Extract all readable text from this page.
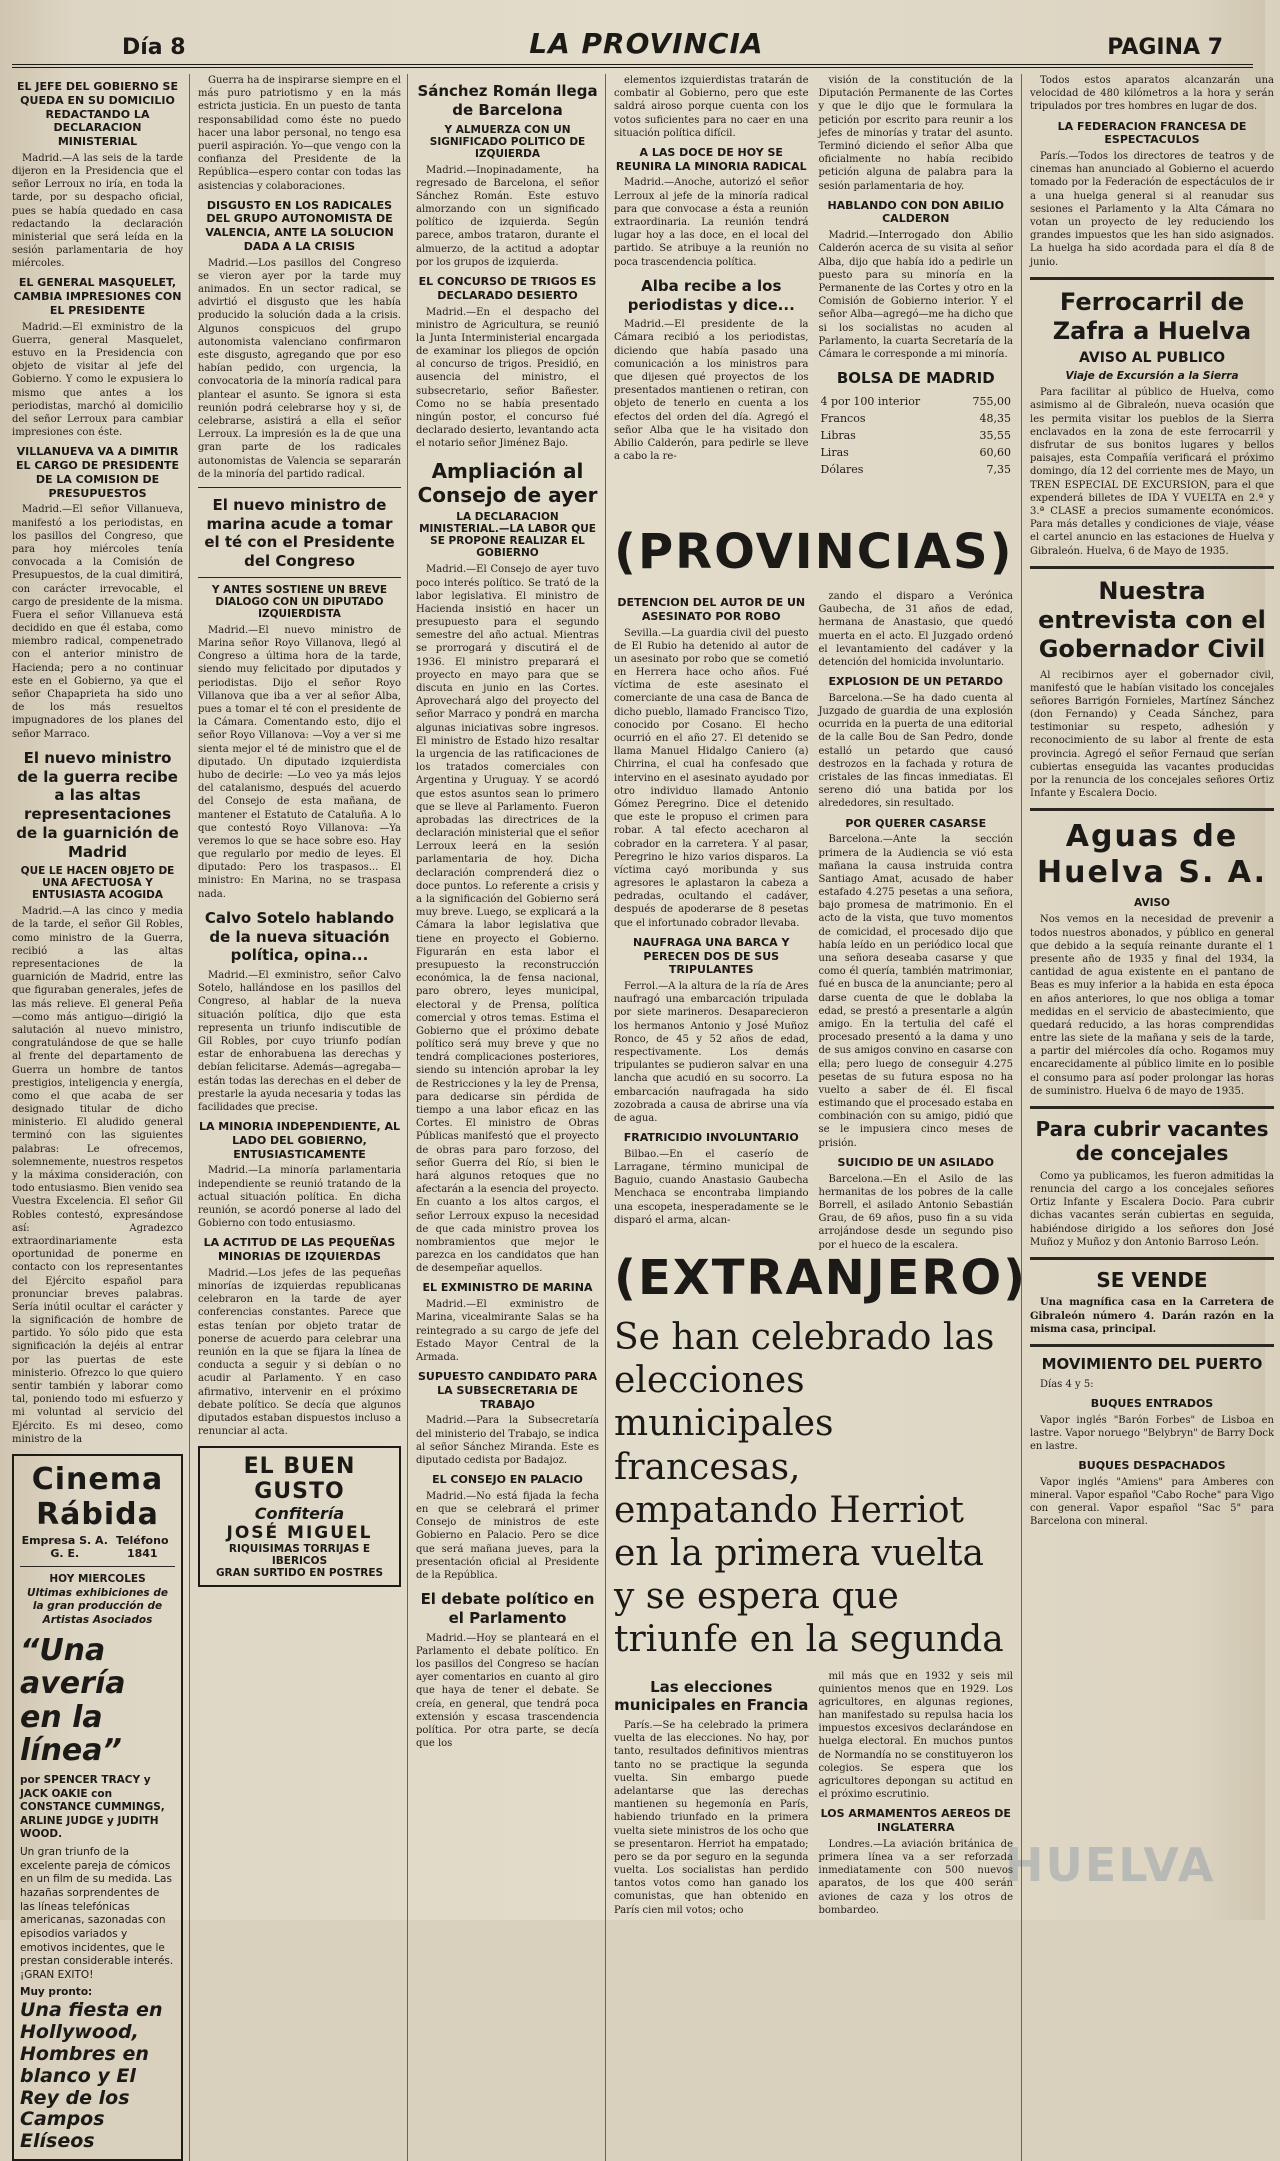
Día 8	LA PROVINCIA	PAGINA 7
EL JEFE DEL GOBIERNO SE QUEDA EN SU DOMICILIO REDACTANDO LA DECLARACION MINISTERIAL

Madrid.—A las seis de la tarde dijeron en la Presidencia que el señor Lerroux no iría, en toda la tarde, por su despacho oficial, pues se había quedado en casa redactando la declaración ministerial que será leída en la sesión parlamentaria de hoy miércoles.

EL GENERAL MASQUELET, CAMBIA IMPRESIONES CON EL PRESIDENTE

Madrid.—El exministro de la Guerra, general Masquelet, estuvo en la Presidencia con objeto de visitar al jefe del Gobierno. Y como le expusiera lo mismo que antes a los periodistas, marchó al domicilio del señor Lerroux para cambiar impresiones con éste.

VILLANUEVA VA A DIMITIR EL CARGO DE PRESIDENTE DE LA COMISION DE PRESUPUESTOS

Madrid.—El señor Villanueva, manifestó a los periodistas, en los pasillos del Congreso, que para hoy miércoles tenía convocada a la Comisión de Presupuestos, de la cual dimitirá, con carácter irrevocable, el cargo de presidente de la misma. Fuera el señor Villanueva está decidido en que él estaba, como miembro radical, compenetrado con el anterior ministro de Hacienda; pero a no continuar este en el Gobierno, ya que el señor Chapaprieta ha sido uno de los más resueltos impugnadores de los planes del señor Marraco.

El nuevo ministro de la guerra recibe a las altas representaciones de la guarnición de Madrid
QUE LE HACEN OBJETO DE UNA AFECTUOSA Y ENTUSIASTA ACOGIDA

Madrid.—A las cinco y media de la tarde, el señor Gil Robles, como ministro de la Guerra, recibió a las altas representaciones de la guarnición de Madrid, entre las que figuraban generales, jefes de las más relieve. El general Peña—como más antiguo—dirigió la salutación al nuevo ministro, congratulándose de que se halle al frente del departamento de Guerra un hombre de tantos prestigios, inteligencia y energía, como el que acaba de ser designado titular de dicho ministerio. El aludido general terminó con las siguientes palabras: Le ofrecemos, solemnemente, nuestros respetos y la máxima consideración, con todo entusiasmo. Bien venido sea Vuestra Excelencia. El señor Gil Robles contestó, expresándose así: Agradezco extraordinariamente esta oportunidad de ponerme en contacto con los representantes del Ejército español para pronunciar breves palabras. Sería inútil ocultar el carácter y la significación de hombre de partido. Yo sólo pido que esta significación la dejéis al entrar por las puertas de este ministerio. Ofrezco lo que quiero sentir también y laborar como tal, poniendo todo mi esfuerzo y mi voluntad al servicio del Ejército. Es mi deseo, como ministro de la

Cinema Rábida
Empresa S. A. G. E.
Teléfono 1841
HOY MIERCOLES
Ultimas exhibiciones de la gran producción de Artistas Asociados
“Una avería en la línea”
por SPENCER TRACY y JACK OAKIE con CONSTANCE CUMMINGS, ARLINE JUDGE y JUDITH WOOD.
Un gran triunfo de la excelente pareja de cómicos en un film de su medida. Las hazañas sorprendentes de las líneas telefónicas americanas, sazonadas con episodios variados y emotivos incidentes, que le prestan considerable interés. ¡GRAN EXITO!
Muy pronto:
Una fiesta en Hollywood, Hombres en blanco y El Rey de los Campos Elíseos

Guerra ha de inspirarse siempre en el más puro patriotismo y en la más estricta justicia. En un puesto de tanta responsabilidad como éste no puedo hacer una labor personal, no tengo esa pueril aspiración. Yo—que vengo con la confianza del Presidente de la República—espero contar con todas las asistencias y colaboraciones.

DISGUSTO EN LOS RADICALES DEL GRUPO AUTONOMISTA DE VALENCIA, ANTE LA SOLUCION DADA A LA CRISIS

Madrid.—Los pasillos del Congreso se vieron ayer por la tarde muy animados. En un sector radical, se advirtió el disgusto que les había producido la solución dada a la crisis. Algunos conspicuos del grupo autonomista valenciano confirmaron este disgusto, agregando que por eso habían pedido, con urgencia, la convocatoria de la minoría radical para plantear el asunto. Se ignora si esta reunión podrá celebrarse hoy y si, de celebrarse, asistirá a ella el señor Lerroux. La impresión es la de que una gran parte de los radicales autonomistas de Valencia se separarán de la minoría del partido radical.

El nuevo ministro de marina acude a tomar el té con el Presidente del Congreso
Y ANTES SOSTIENE UN BREVE DIALOGO CON UN DIPUTADO IZQUIERDISTA

Madrid.—El nuevo ministro de Marina señor Royo Villanova, llegó al Congreso a última hora de la tarde, siendo muy felicitado por diputados y periodistas. Dijo el señor Royo Villanova que iba a ver al señor Alba, pues a tomar el té con el presidente de la Cámara. Comentando esto, dijo el señor Royo Villanova: —Voy a ver si me sienta mejor el té de ministro que el de diputado. Un diputado izquierdista hubo de decirle: —Lo veo ya más lejos del catalanismo, después del acuerdo del Consejo de esta mañana, de mantener el Estatuto de Cataluña. A lo que contestó Royo Villanova: —Ya veremos lo que se hace sobre eso. Hay que regularlo por medio de leyes. El diputado: Pero los traspasos... El ministro: En Marina, no se traspasa nada.

Calvo Sotelo hablando de la nueva situación política, opina...

Madrid.—El exministro, señor Calvo Sotelo, hallándose en los pasillos del Congreso, al hablar de la nueva situación política, dijo que esta representa un triunfo indiscutible de Gil Robles, por cuyo triunfo podían estar de enhorabuena las derechas y debían felicitarse. Además—agregaba—están todas las derechas en el deber de prestarle la ayuda necesaria y todas las facilidades que precise.

LA MINORIA INDEPENDIENTE, AL LADO DEL GOBIERNO, ENTUSIASTICAMENTE

Madrid.—La minoría parlamentaria independiente se reunió tratando de la actual situación política. En dicha reunión, se acordó ponerse al lado del Gobierno con todo entusiasmo.

LA ACTITUD DE LAS PEQUEÑAS MINORIAS DE IZQUIERDAS

Madrid.—Los jefes de las pequeñas minorías de izquierdas republicanas celebraron en la tarde de ayer conferencias constantes. Parece que estas tenían por objeto tratar de ponerse de acuerdo para celebrar una reunión en la que se fijara la línea de conducta a seguir y si debían o no acudir al Parlamento. Y en caso afirmativo, intervenir en el próximo debate político. Se decía que algunos diputados estaban dispuestos incluso a renunciar al acta.

EL BUEN GUSTO
Confitería
JOSÉ MIGUEL
RIQUISIMAS TORRIJAS E IBERICOS
GRAN SURTIDO EN POSTRES
Sánchez Román llega de Barcelona
Y ALMUERZA CON UN SIGNIFICADO POLITICO DE IZQUIERDA

Madrid.—Inopinadamente, ha regresado de Barcelona, el señor Sánchez Román. Este estuvo almorzando con un significado político de izquierda. Según parece, ambos trataron, durante el almuerzo, de la actitud a adoptar por los grupos de izquierda.

EL CONCURSO DE TRIGOS ES DECLARADO DESIERTO

Madrid.—En el despacho del ministro de Agricultura, se reunió la Junta Interministerial encargada de examinar los pliegos de opción al concurso de trigos. Presidió, en ausencia del ministro, el subsecretario, señor Bañester. Como no se había presentado ningún postor, el concurso fué declarado desierto, levantando acta el notario señor Jiménez Bajo.

Ampliación al Consejo de ayer
LA DECLARACION MINISTERIAL.—LA LABOR QUE SE PROPONE REALIZAR EL GOBIERNO

Madrid.—El Consejo de ayer tuvo poco interés político. Se trató de la labor legislativa. El ministro de Hacienda insistió en hacer un presupuesto para el segundo semestre del año actual. Mientras se prorrogará y discutirá el de 1936. El ministro preparará el proyecto en mayo para que se discuta en junio en las Cortes. Aprovechará algo del proyecto del señor Marraco y pondrá en marcha algunas iniciativas sobre ingresos. El ministro de Estado hizo resaltar la urgencia de las ratificaciones de los tratados comerciales con Argentina y Uruguay. Y se acordó que estos asuntos sean lo primero que se lleve al Parlamento. Fueron aprobadas las directrices de la declaración ministerial que el señor Lerroux leerá en la sesión parlamentaria de hoy. Dicha declaración comprenderá diez o doce puntos. Lo referente a crisis y a la significación del Gobierno será muy breve. Luego, se explicará a la Cámara la labor legislativa que tiene en proyecto el Gobierno. Figurarán en esta labor el presupuesto la reconstrucción económica, la de fensa nacional, paro obrero, leyes municipal, electoral y de Prensa, política comercial y otros temas. Estima el Gobierno que el próximo debate político será muy breve y que no tendrá complicaciones posteriores, siendo su intención aprobar la ley de Restricciones y la ley de Prensa, para dedicarse sin pérdida de tiempo a una labor eficaz en las Cortes. El ministro de Obras Públicas manifestó que el proyecto de obras para paro forzoso, del señor Guerra del Río, si bien le hará algunos retoques que no afectarán a la esencia del proyecto. En cuanto a los altos cargos, el señor Lerroux expuso la necesidad de que cada ministro provea los nombramientos que mejor le parezca en los candidatos que han de desempeñar aquellos.

EL EXMINISTRO DE MARINA

Madrid.—El exministro de Marina, vicealmirante Salas se ha reintegrado a su cargo de jefe del Estado Mayor Central de la Armada.

SUPUESTO CANDIDATO PARA LA SUBSECRETARIA DE TRABAJO

Madrid.—Para la Subsecretaría del ministerio del Trabajo, se indica al señor Sánchez Miranda. Este es diputado cedista por Badajoz.

EL CONSEJO EN PALACIO

Madrid.—No está fijada la fecha en que se celebrará el primer Consejo de ministros de este Gobierno en Palacio. Pero se dice que será mañana jueves, para la presentación oficial al Presidente de la República.

El debate político en el Parlamento

Madrid.—Hoy se planteará en el Parlamento el debate político. En los pasillos del Congreso se hacían ayer comentarios en cuanto al giro que haya de tener el debate. Se creía, en general, que tendrá poca extensión y escasa trascendencia política. Por otra parte, se decía que los

elementos izquierdistas tratarán de combatir al Gobierno, pero que este saldrá airoso porque cuenta con los votos suficientes para no caer en una situación política difícil.

A LAS DOCE DE HOY SE REUNIRA LA MINORIA RADICAL

Madrid.—Anoche, autorizó el señor Lerroux al jefe de la minoría radical para que convocase a ésta a reunión extraordinaria. La reunión tendrá lugar hoy a las doce, en el local del partido. Se atribuye a la reunión no poca trascendencia política.

Alba recibe a los periodistas y dice...

Madrid.—El presidente de la Cámara recibió a los periodistas, diciendo que había pasado una comunicación a los ministros para que dijesen qué proyectos de los presentados mantienen o retiran, con objeto de tenerlo en cuenta a los efectos del orden del día. Agregó el señor Alba que le ha visitado don Abilio Calderón, para pedirle se lleve a cabo la re-

visión de la constitución de la Diputación Permanente de las Cortes y que le dijo que le formulara la petición por escrito para reunir a los jefes de minorías y tratar del asunto. Terminó diciendo el señor Alba que oficialmente no había recibido petición alguna de palabra para la sesión parlamentaria de hoy.

HABLANDO CON DON ABILIO CALDERON

Madrid.—Interrogado don Abilio Calderón acerca de su visita al señor Alba, dijo que había ido a pedirle un puesto para su minoría en la Permanente de las Cortes y otro en la Comisión de Gobierno interior. Y el señor Alba—agregó—me ha dicho que si los socialistas no acuden al Parlamento, la cuarta Secretaría de la Cámara le corresponde a mi minoría.

BOLSA DE MADRID
4 por 100 interior	755,00
Francos	48,35
Libras	35,55
Liras	60,60
Dólares	7,35
(PROVINCIAS)
DETENCION DEL AUTOR DE UN ASESINATO POR ROBO

Sevilla.—La guardia civil del puesto de El Rubio ha detenido al autor de un asesinato por robo que se cometió en Herrera hace ocho años. Fué víctima de este asesinato el comerciante de una casa de Banca de dicho pueblo, llamado Francisco Tizo, conocido por Cosano. El hecho ocurrió en el año 27. El detenido se llama Manuel Hidalgo Caniero (a) Chirrina, el cual ha confesado que intervino en el asesinato ayudado por otro individuo llamado Antonio Gómez Peregrino. Dice el detenido que este le propuso el crimen para robar. A tal efecto acecharon al cobrador en la carretera. Y al pasar, Peregrino le hizo varios disparos. La víctima cayó moribunda y sus agresores le aplastaron la cabeza a pedradas, ocultando el cadáver, después de apoderarse de 8 pesetas que el infortunado cobrador llevaba.

NAUFRAGA UNA BARCA Y PERECEN DOS DE SUS TRIPULANTES

Ferrol.—A la altura de la ría de Ares naufragó una embarcación tripulada por siete marineros. Desaparecieron los hermanos Antonio y José Muñoz Ronco, de 45 y 52 años de edad, respectivamente. Los demás tripulantes se pudieron salvar en una lancha que acudió en su socorro. La embarcación naufragada ha sido zozobrada a causa de abrirse una vía de agua.

FRATRICIDIO INVOLUNTARIO

Bilbao.—En el caserío de Larragane, término municipal de Baguio, cuando Anastasio Gaubecha Menchaca se encontraba limpiando una escopeta, inesperadamente se le disparó el arma, alcan-

zando el disparo a Verónica Gaubecha, de 31 años de edad, hermana de Anastasio, que quedó muerta en el acto. El Juzgado ordenó el levantamiento del cadáver y la detención del homicida involuntario.

EXPLOSION DE UN PETARDO

Barcelona.—Se ha dado cuenta al Juzgado de guardia de una explosión ocurrida en la puerta de una editorial de la calle Bou de San Pedro, donde estalló un petardo que causó destrozos en la fachada y rotura de cristales de las fincas inmediatas. El sereno dió una batida por los alrededores, sin resultado.

POR QUERER CASARSE

Barcelona.—Ante la sección primera de la Audiencia se vió esta mañana la causa instruida contra Santiago Amat, acusado de haber estafado 4.275 pesetas a una señora, bajo promesa de matrimonio. En el acto de la vista, que tuvo momentos de comicidad, el procesado dijo que había leído en un periódico local que una señora deseaba casarse y que como él quería, también matrimoniar, fué en busca de la anunciante; pero al darse cuenta de que le doblaba la edad, se prestó a presentarle a algún amigo. En la tertulia del café el procesado presentó a la dama y uno de sus amigos convino en casarse con ella; pero luego de conseguir 4.275 pesetas de su futura esposa no ha vuelto a saber de él. El fiscal estimando que el procesado estaba en combinación con su amigo, pidió que se le impusiera cinco meses de prisión.

SUICIDIO DE UN ASILADO

Barcelona.—En el Asilo de las hermanitas de los pobres de la calle Borrell, el asilado Antonio Sebastián Grau, de 69 años, puso fin a su vida arrojándose desde un segundo piso por el hueco de la escalera.

(EXTRANJERO)
Se han celebrado las elecciones municipales francesas, empatando Herriot en la primera vuelta y se espera que triunfe en la segunda
Las elecciones municipales en Francia

París.—Se ha celebrado la primera vuelta de las elecciones. No hay, por tanto, resultados definitivos mientras tanto no se practique la segunda vuelta. Sin embargo puede adelantarse que las derechas mantienen su hegemonía en París, habiendo triunfado en la primera vuelta siete ministros de los ocho que se presentaron. Herriot ha empatado; pero se da por seguro en la segunda vuelta. Los socialistas han perdido tantos votos como han ganado los comunistas, que han obtenido en París cien mil votos; ocho

mil más que en 1932 y seis mil quinientos menos que en 1929. Los agricultores, en algunas regiones, han manifestado su repulsa hacia los impuestos excesivos declarándose en huelga electoral. En muchos puntos de Normandía no se constituyeron los colegios. Se espera que los agricultores depongan su actitud en el próximo escrutinio.

LOS ARMAMENTOS AEREOS DE INGLATERRA

Londres.—La aviación británica de primera línea va a ser reforzada inmediatamente con 500 nuevos aparatos, de los que 400 serán aviones de caza y los otros de bombardeo.

Todos estos aparatos alcanzarán una velocidad de 480 kilómetros a la hora y serán tripulados por tres hombres en lugar de dos.

LA FEDERACION FRANCESA DE ESPECTACULOS

París.—Todos los directores de teatros y de cinemas han anunciado al Gobierno el acuerdo tomado por la Federación de espectáculos de ir a una huelga general si al reanudar sus sesiones el Parlamento y la Alta Cámara no votan un proyecto de ley reduciendo los grandes impuestos que les han sido asignados. La huelga ha sido acordada para el día 8 de junio.

Ferrocarril de Zafra a Huelva
AVISO AL PUBLICO
Viaje de Excursión a la Sierra

Para facilitar al público de Huelva, como asimismo al de Gibraleón, nueva ocasión que les permita visitar los pueblos de la Sierra enclavados en la zona de este ferrocarril y disfrutar de sus bonitos lugares y bellos paisajes, esta Compañía verificará el próximo domingo, día 12 del corriente mes de Mayo, un TREN ESPECIAL DE EXCURSION, para el que expenderá billetes de IDA Y VUELTA en 2.ª y 3.ª CLASE a precios sumamente económicos. Para más detalles y condiciones de viaje, véase el cartel anuncio en las estaciones de Huelva y Gibraleón. Huelva, 6 de Mayo de 1935.

Nuestra entrevista con el Gobernador Civil

Al recibirnos ayer el gobernador civil, manifestó que le habían visitado los concejales señores Barrigón Fornieles, Martínez Sánchez (don Fernando) y Ceada Sánchez, para testimoniar su respeto, adhesión y reconocimiento de su labor al frente de esta provincia. Agregó el señor Fernaud que serían cubiertas enseguida las vacantes producidas por la renuncia de los concejales señores Ortiz Infante y Escalera Docio.

Aguas de Huelva S. A.
AVISO

Nos vemos en la necesidad de prevenir a todos nuestros abonados, y público en general que debido a la sequía reinante durante el 1 presente año de 1935 y final del 1934, la cantidad de agua existente en el pantano de Beas es muy inferior a la habida en esta época en años anteriores, lo que nos obliga a tomar medidas en el servicio de abastecimiento, que quedará reducido, a las horas comprendidas entre las siete de la mañana y seis de la tarde, a partir del miércoles día ocho. Rogamos muy encarecidamente al público limite en lo posible el consumo para así poder prolongar las horas de suministro. Huelva 6 de mayo de 1935.

Para cubrir vacantes de concejales

Como ya publicamos, les fueron admitidas la renuncia del cargo a los concejales señores Ortiz Infante y Escalera Docio. Para cubrir dichas vacantes serán cubiertas en seguida, habiéndose dirigido a los señores don José Muñoz y Muñoz y don Antonio Barroso León.

SE VENDE

Una magnífica casa en la Carretera de Gibraleón número 4. Darán razón en la misma casa, principal.

MOVIMIENTO DEL PUERTO

Días 4 y 5:

BUQUES ENTRADOS

Vapor inglés "Barón Forbes" de Lisboa en lastre. Vapor noruego "Belybryn" de Barry Dock en lastre.

BUQUES DESPACHADOS

Vapor inglés "Amiens" para Amberes con mineral. Vapor español "Cabo Roche" para Vigo con general. Vapor español "Sac 5" para Barcelona con mineral.

HUELVA
